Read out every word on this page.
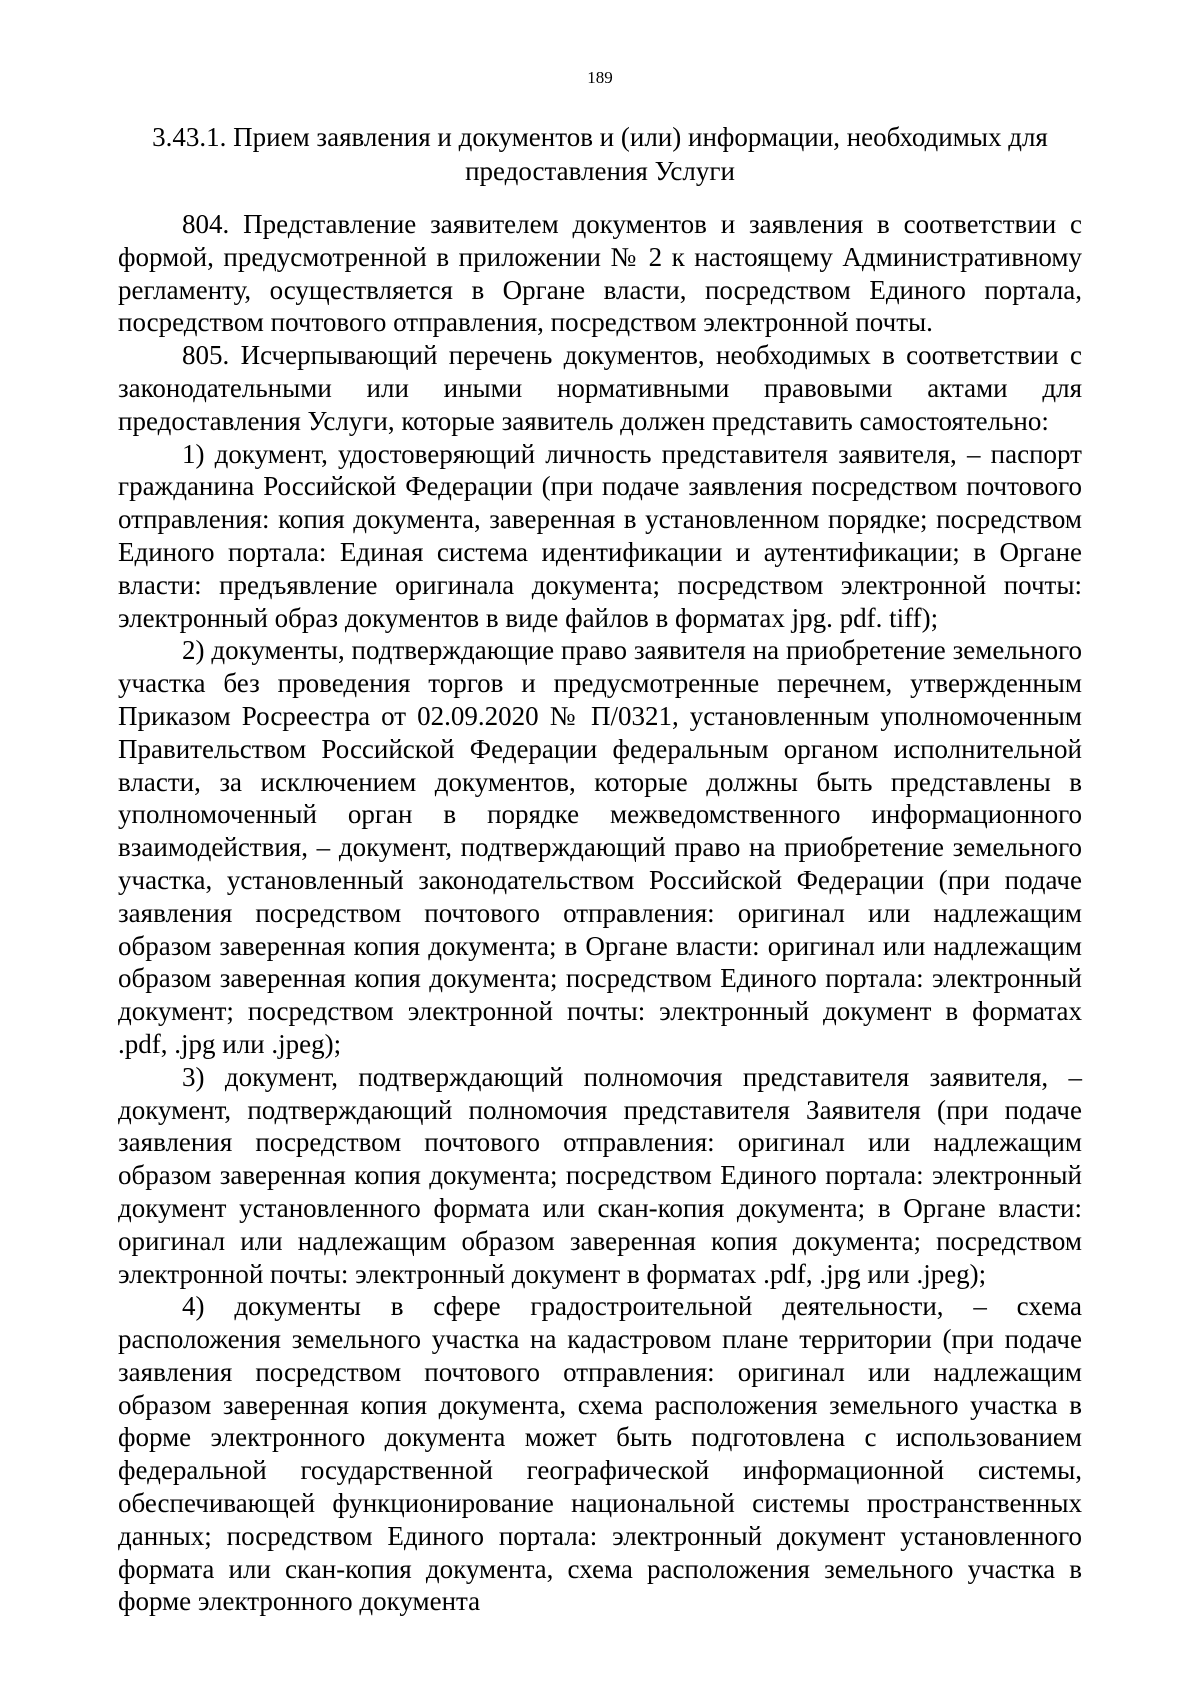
189
3.43.1. Прием заявления и документов и (или) информации, необходимых для предоставления Услуги

804. Представление заявителем документов и заявления в соответствии с формой, предусмотренной в приложении № 2 к настоящему Административному регламенту, осуществляется в Органе власти, посредством Единого портала, посредством почтового отправления, посредством электронной почты.

805. Исчерпывающий перечень документов, необходимых в соответствии с законодательными или иными нормативными правовыми актами для предоставления Услуги, которые заявитель должен представить самостоятельно:

1) документ, удостоверяющий личность представителя заявителя, – паспорт гражданина Российской Федерации (при подаче заявления посредством почтового отправления: копия документа, заверенная в установленном порядке; посредством Единого портала: Единая система идентификации и аутентификации; в Органе власти: предъявление оригинала документа; посредством электронной почты: электронный образ документов в виде файлов в форматах jpg. pdf. tiff);

2) документы, подтверждающие право заявителя на приобретение земельного участка без проведения торгов и предусмотренные перечнем, утвержденным Приказом Росреестра от 02.09.2020 № П/0321, установленным уполномоченным Правительством Российской Федерации федеральным органом исполнительной власти, за исключением документов, которые должны быть представлены в уполномоченный орган в порядке межведомственного информационного взаимодействия, – документ, подтверждающий право на приобретение земельного участка, установленный законодательством Российской Федерации (при подаче заявления посредством почтового отправления: оригинал или надлежащим образом заверенная копия документа; в Органе власти: оригинал или надлежащим образом заверенная копия документа; посредством Единого портала: электронный документ; посредством электронной почты: электронный документ в форматах .pdf, .jpg или .jpeg);

3) документ, подтверждающий полномочия представителя заявителя, – документ, подтверждающий полномочия представителя Заявителя (при подаче заявления посредством почтового отправления: оригинал или надлежащим образом заверенная копия документа; посредством Единого портала: электронный документ установленного формата или скан-копия документа; в Органе власти: оригинал или надлежащим образом заверенная копия документа; посредством электронной почты: электронный документ в форматах .pdf, .jpg или .jpeg);

4) документы в сфере градостроительной деятельности, – схема расположения земельного участка на кадастровом плане территории (при подаче заявления посредством почтового отправления: оригинал или надлежащим образом заверенная копия документа, схема расположения земельного участка в форме электронного документа может быть подготовлена с использованием федеральной государственной географической информационной системы, обеспечивающей функционирование национальной системы пространственных данных; посредством Единого портала: электронный документ установленного формата или скан-копия документа, схема расположения земельного участка в форме электронного документа
